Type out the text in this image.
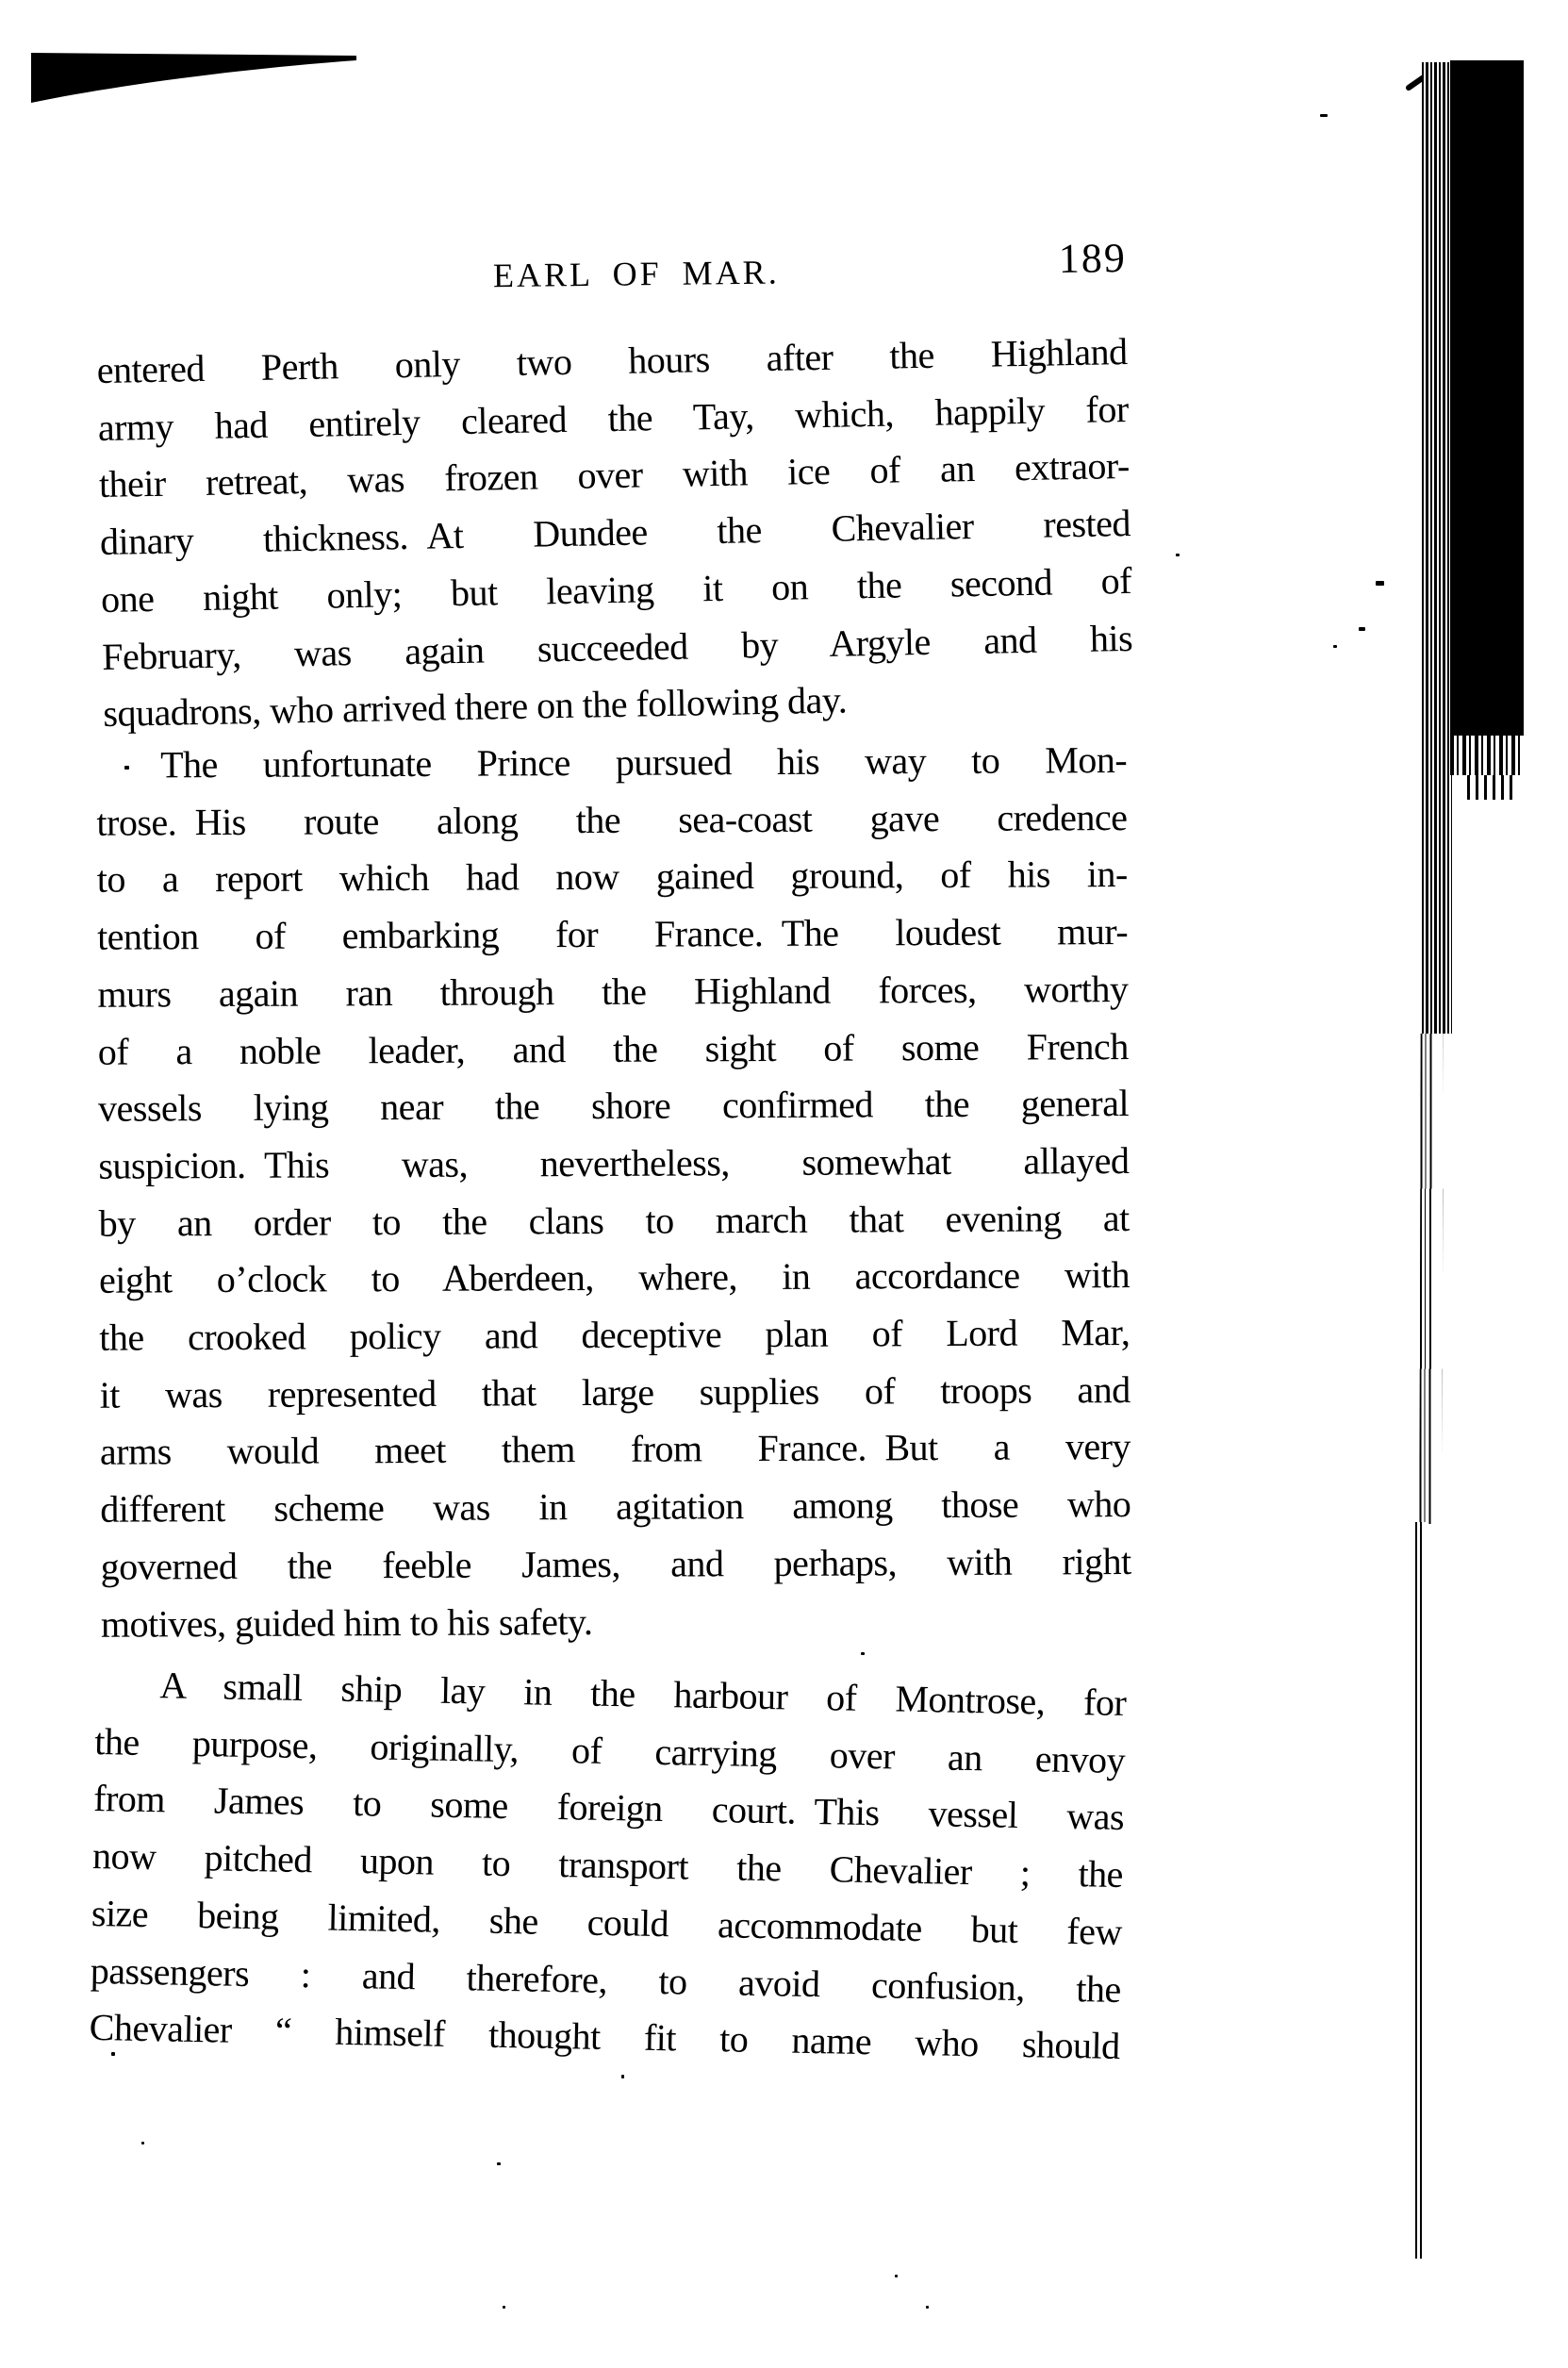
EARL OF MAR.	189
entered Perth only two hours after the Highland
army had entirely cleared the Tay, which, happily for
their retreat, was frozen over with ice of an extraor-
dinary thickness. At Dundee the Chevalier rested
one night only; but leaving it on the second of
February, was again succeeded by Argyle and his
squadrons, who arrived there on the following day.
The unfortunate Prince pursued his way to Mon-
trose. His route along the sea-coast gave credence
to a report which had now gained ground, of his in-
tention of embarking for France. The loudest mur-
murs again ran through the Highland forces, worthy
of a noble leader, and the sight of some French
vessels lying near the shore confirmed the general
suspicion. This was, nevertheless, somewhat allayed
by an order to the clans to march that evening at
eight o’clock to Aberdeen, where, in accordance with
the crooked policy and deceptive plan of Lord Mar,
it was represented that large supplies of troops and
arms would meet them from France. But a very
different scheme was in agitation among those who
governed the feeble James, and perhaps, with right
motives, guided him to his safety.
A small ship lay in the harbour of Montrose, for
the purpose, originally, of carrying over an envoy
from James to some foreign court. This vessel was
now pitched upon to transport the Chevalier ; the
size being limited, she could accommodate but few
passengers : and therefore, to avoid confusion, the
Chevalier “ himself thought fit to name who should
